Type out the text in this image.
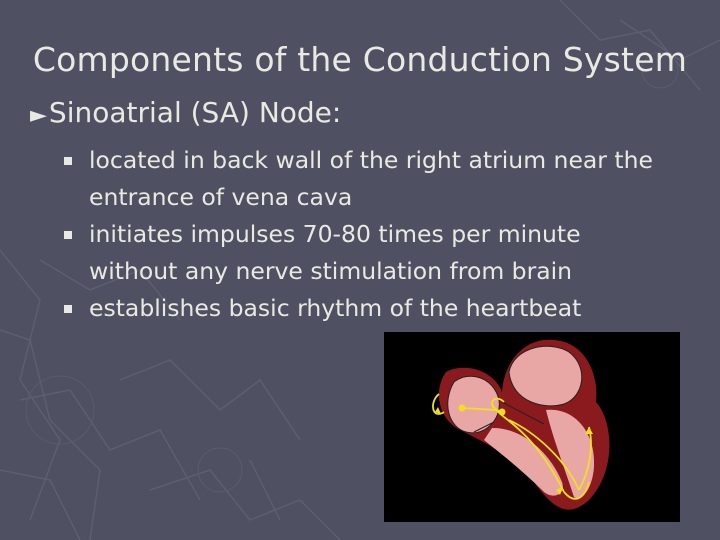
Components of the Conduction System
►Sinoatrial (SA) Node:
located in back wall of the right atrium near the
entrance of vena cava
initiates impulses 70-80 times per minute
without any nerve stimulation from brain
establishes basic rhythm of the heartbeat
